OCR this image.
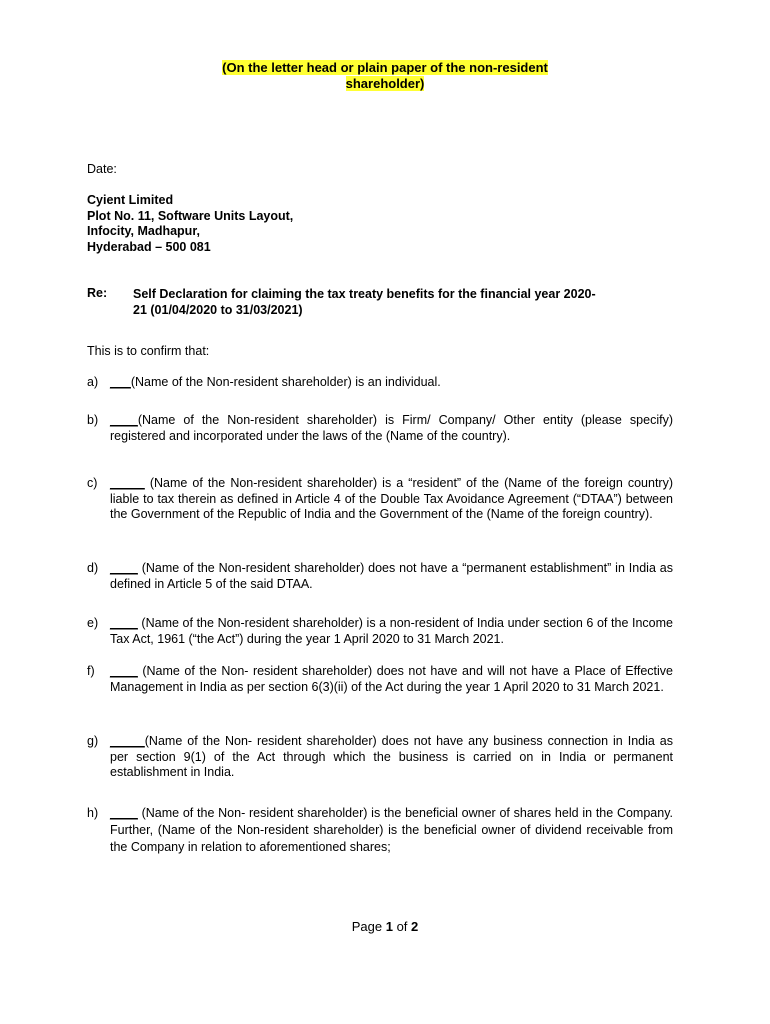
(On the letter head or plain paper of the non-resident
shareholder)
Date:
Cyient Limited
Plot No. 11, Software Units Layout,
Infocity, Madhapur,
Hyderabad – 500 081
Re: Self Declaration for claiming the tax treaty benefits for the financial year 2020-
21 (01/04/2020 to 31/03/2021)
This is to confirm that:
a) ___(Name of the Non-resident shareholder) is an individual.
b) ____(Name of the Non-resident shareholder) is Firm/ Company/ Other entity (please specify) registered and incorporated under the laws of the (Name of the country).
c)	_____ (Name of the Non-resident shareholder) is a “resident” of the (Name of the foreign country) liable to tax therein as defined in Article 4 of the Double Tax Avoidance Agreement (“DTAA”) between the Government of the Republic of India and the Government of the (Name of the foreign country).
d) ____ (Name of the Non-resident shareholder) does not have a “permanent establishment” in India as defined in Article 5 of the said DTAA.
e) ____ (Name of the Non-resident shareholder) is a non-resident of India under section 6 of the Income Tax Act, 1961 (“the Act”) during the year 1 April 2020 to 31 March 2021.
f)	____ (Name of the Non- resident shareholder) does not have and will not have a Place of Effective Management in India as per section 6(3)(ii) of the Act during the year 1 April 2020 to 31 March 2021.
g) _____(Name of the Non- resident shareholder) does not have any business connection in India as per section 9(1) of the Act through which the business is carried on in India or permanent establishment in India.
h) ____ (Name of the Non- resident shareholder) is the beneficial owner of shares held in the Company. Further, (Name of the Non-resident shareholder) is the beneficial owner of dividend receivable from the Company in relation to aforementioned shares;
Page 1 of 2
